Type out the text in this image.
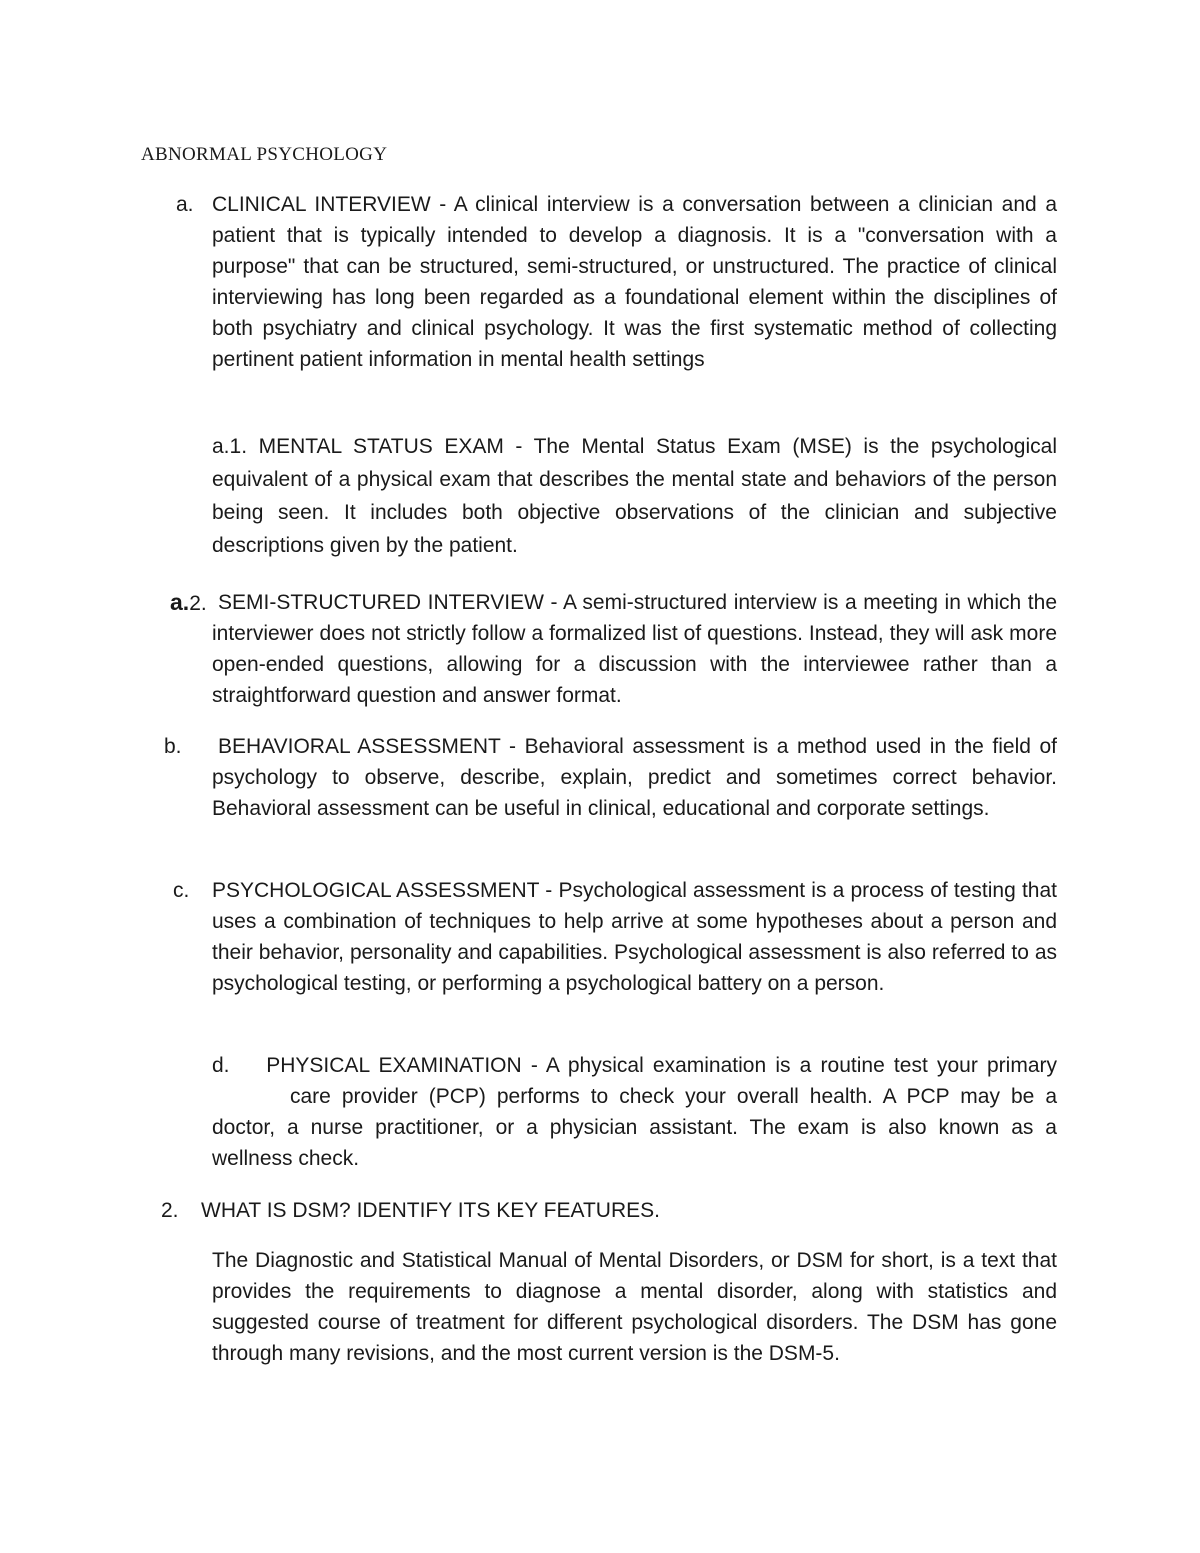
ABNORMAL PSYCHOLOGY
a. CLINICAL INTERVIEW - A clinical interview is a conversation between a clinician and a patient that is typically intended to develop a diagnosis. It is a "conversation with a purpose" that can be structured, semi-structured, or unstructured. The practice of clinical interviewing has long been regarded as a foundational element within the disciplines of both psychiatry and clinical psychology. It was the first systematic method of collecting pertinent patient information in mental health settings
a.1. MENTAL STATUS EXAM - The Mental Status Exam (MSE) is the psychological equivalent of a physical exam that describes the mental state and behaviors of the person being seen. It includes both objective observations of the clinician and subjective descriptions given by the patient.
a.2. SEMI-STRUCTURED INTERVIEW - A semi-structured interview is a meeting in which the interviewer does not strictly follow a formalized list of questions. Instead, they will ask more open-ended questions, allowing for a discussion with the interviewee rather than a straightforward question and answer format.
b. BEHAVIORAL ASSESSMENT - Behavioral assessment is a method used in the field of psychology to observe, describe, explain, predict and sometimes correct behavior. Behavioral assessment can be useful in clinical, educational and corporate settings.
c. PSYCHOLOGICAL ASSESSMENT - Psychological assessment is a process of testing that uses a combination of techniques to help arrive at some hypotheses about a person and their behavior, personality and capabilities. Psychological assessment is also referred to as psychological testing, or performing a psychological battery on a person.
d. PHYSICAL EXAMINATION - A physical examination is a routine test your primarycare provider (PCP) performs to check your overall health. A PCP may be a doctor, a nurse practitioner, or a physician assistant. The exam is also known as a wellness check.
2. WHAT IS DSM? IDENTIFY ITS KEY FEATURES.
The Diagnostic and Statistical Manual of Mental Disorders, or DSM for short, is a text that provides the requirements to diagnose a mental disorder, along with statistics and suggested course of treatment for different psychological disorders. The DSM has gone through many revisions, and the most current version is the DSM-5.
